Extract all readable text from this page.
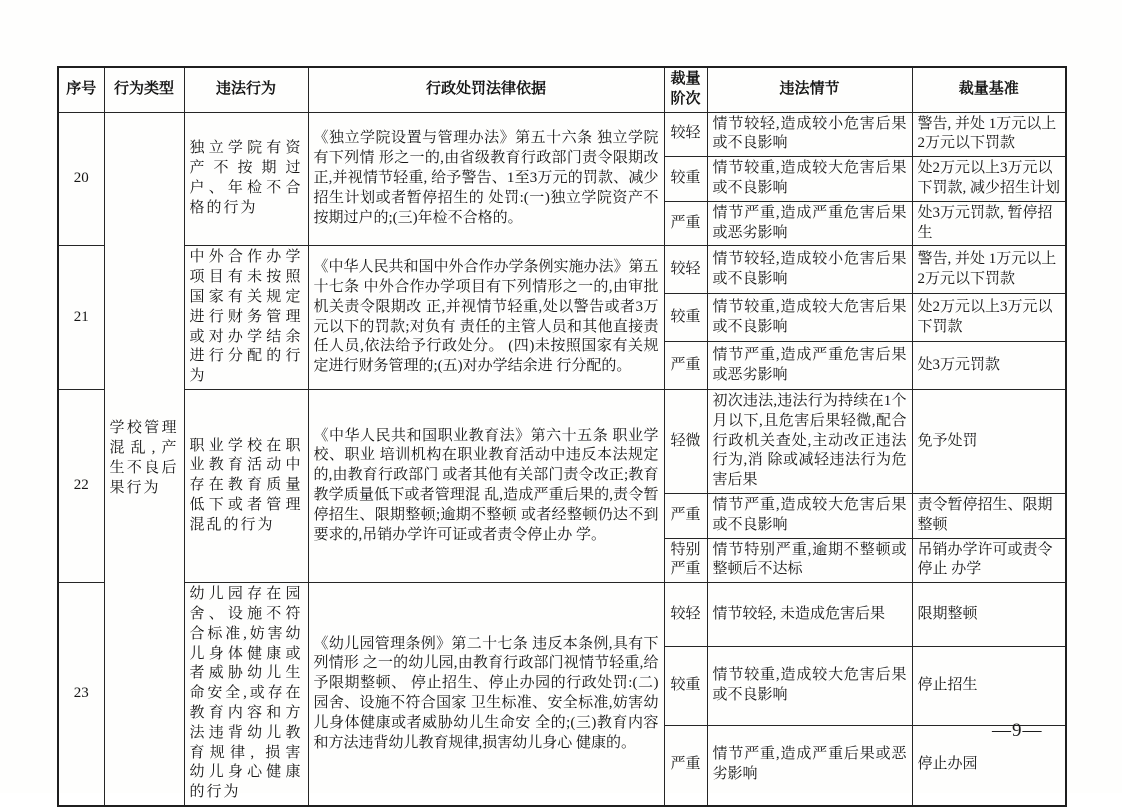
序号	行为类型	违法行为	行政处罚法律依据	裁量阶次	违法情节	裁量基准
20	学校管理混乱,产生不良后果行为	独立学院有资产不按期过户、年检不合格的行为	《独立学院设置与管理办法》第五十六条 独立学院有下列情 形之一的,由省级教育行政部门责令限期改正,并视情节轻重, 给予警告、1至3万元的罚款、减少招生计划或者暂停招生的 处罚:(一)独立学院资产不按期过户的;(三)年检不合格的。	较轻	情节较轻,造成较小危害后果或不良影响	警告, 并处 1万元以上2万元以下罚款
				较重	情节较重,造成较大危害后果或不良影响	处2万元以上3万元以下罚款, 减少招生计划
				严重	情节严重,造成严重危害后果或恶劣影响	处3万元罚款, 暂停招生
21		中外合作办学项目有未按照国家有关规定进行财务管理或对办学结余进行分配的行为	《中华人民共和国中外合作办学条例实施办法》第五十七条 中外合作办学项目有下列情形之一的,由审批机关责令限期改 正,并视情节轻重,处以警告或者3万元以下的罚款;对负有 责任的主管人员和其他直接责任人员,依法给予行政处分。 (四)未按照国家有关规定进行财务管理的;(五)对办学结余进 行分配的。	较轻	情节较轻,造成较小危害后果或不良影响	警告, 并处 1万元以上2万元以下罚款
				较重	情节较重,造成较大危害后果或不良影响	处2万元以上3万元以下罚款
				严重	情节严重,造成严重危害后果或恶劣影响	处3万元罚款
22		职业学校在职业教育活动中存在教育质量低下或者管理混乱的行为	《中华人民共和国职业教育法》第六十五条 职业学校、职业 培训机构在职业教育活动中违反本法规定的,由教育行政部门 或者其他有关部门责令改正;教育教学质量低下或者管理混 乱,造成严重后果的,责令暂停招生、限期整顿;逾期不整顿 或者经整顿仍达不到要求的,吊销办学许可证或者责令停止办 学。	轻微	初次违法,违法行为持续在1个月以下,且危害后果轻微,配合行政机关查处,主动改正违法行为,消 除或减轻违法行为危害后果	免予处罚
				严重	情节严重,造成较大危害后果或不良影响	责令暂停招生、限期整顿
				特别严重	情节特别严重,逾期不整顿或整顿后不达标	吊销办学许可或责令停止 办学
23		幼儿园存在园舍、设施不符合标准,妨害幼儿身体健康或者威胁幼儿生命安全,或存在教育内容和方法违背幼儿教育规律, 损害幼儿身心健康的行为	《幼儿园管理条例》第二十七条 违反本条例,具有下列情形 之一的幼儿园,由教育行政部门视情节轻重,给予限期整顿、 停止招生、停止办园的行政处罚:(二)园舍、设施不符合国家 卫生标准、安全标准,妨害幼儿身体健康或者威胁幼儿生命安 全的;(三)教育内容和方法违背幼儿教育规律,损害幼儿身心 健康的。	较轻	情节较轻, 未造成危害后果	限期整顿
				较重	情节较重,造成较大危害后果或不良影响	停止招生
				严重	情节严重,造成严重后果或恶劣影响	停止办园
—9—
